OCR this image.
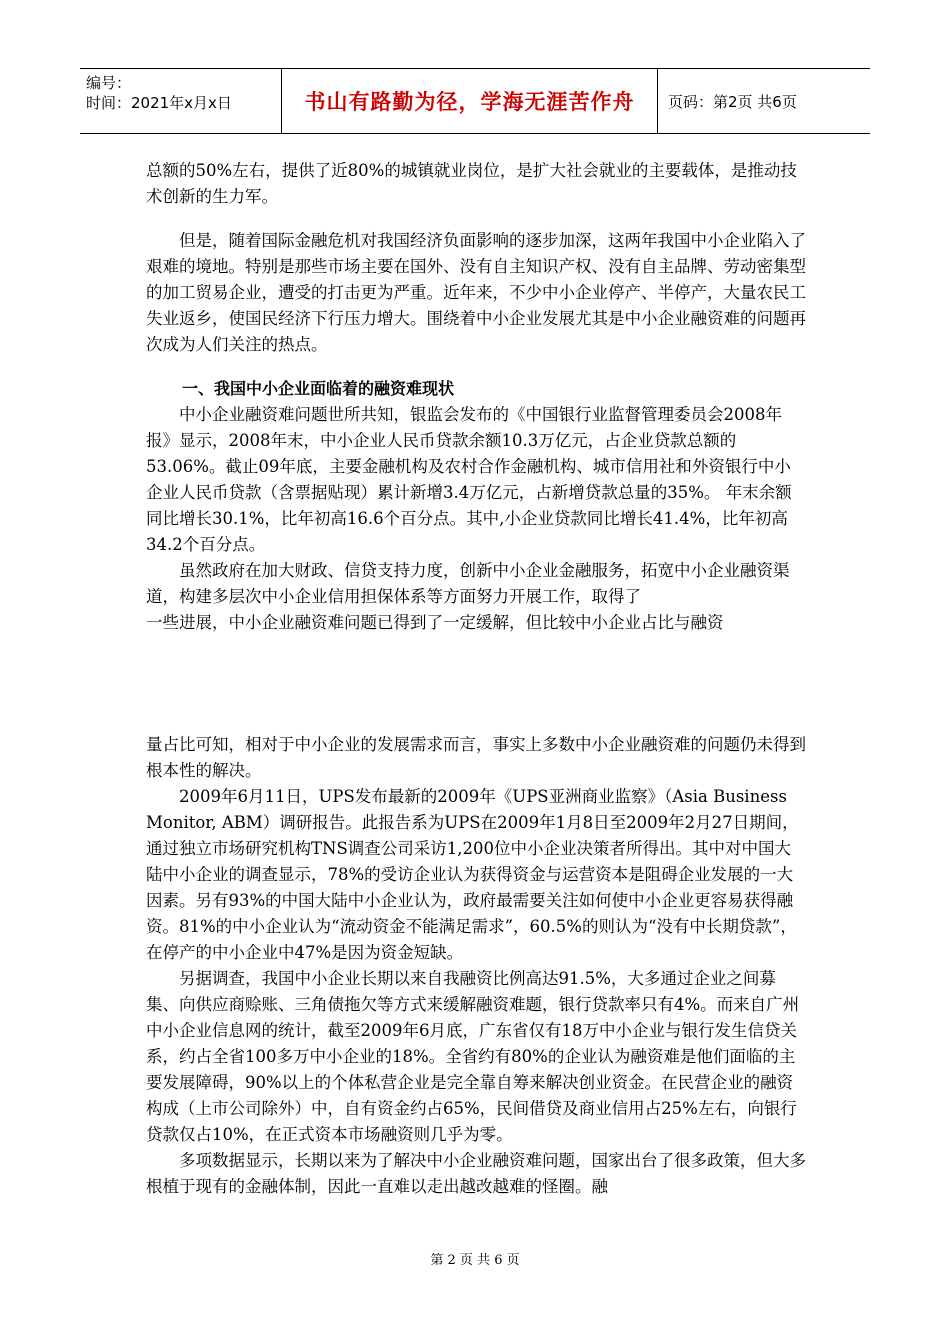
编号：
时间：2021年x月x日	书山有路勤为径，学海无涯苦作舟	页码：第2页 共6页

总额的50%左右，提供了近80%的城镇就业岗位，是扩大社会就业的主要载体，是推动技术创新的生力军。

但是，随着国际金融危机对我国经济负面影响的逐步加深，这两年我国中小企业陷入了艰难的境地。特别是那些市场主要在国外、没有自主知识产权、没有自主品牌、劳动密集型的加工贸易企业，遭受的打击更为严重。近年来，不少中小企业停产、半停产，大量农民工失业返乡，使国民经济下行压力增大。围绕着中小企业发展尤其是中小企业融资难的问题再次成为人们关注的热点。

一、我国中小企业面临着的融资难现状

中小企业融资难问题世所共知，银监会发布的《中国银行业监督管理委员会2008年报》显示，2008年末，中小企业人民币贷款余额10.3万亿元，占企业贷款总额的53.06%。截止09年底，主要金融机构及农村合作金融机构、城市信用社和外资银行中小企业人民币贷款（含票据贴现）累计新增3.4万亿元，占新增贷款总量的35%。 年末余额同比增长30.1%，比年初高16.6个百分点。其中,小企业贷款同比增长41.4%，比年初高34.2个百分点。

虽然政府在加大财政、信贷支持力度，创新中小企业金融服务，拓宽中小企业融资渠道，构建多层次中小企业信用担保体系等方面努力开展工作，取得了

一些进展，中小企业融资难问题已得到了一定缓解，但比较中小企业占比与融资

量占比可知，相对于中小企业的发展需求而言，事实上多数中小企业融资难的问题仍未得到根本性的解决。

2009年6月11日，UPS发布最新的2009年《UPS亚洲商业监察》（Asia Business Monitor, ABM）调研报告。此报告系为UPS在2009年1月8日至2009年2月27日期间，通过独立市场研究机构TNS调查公司采访1,200位中小企业决策者所得出。其中对中国大陆中小企业的调查显示，78%的受访企业认为获得资金与运营资本是阻碍企业发展的一大因素。另有93%的中国大陆中小企业认为，政府最需要关注如何使中小企业更容易获得融资。81%的中小企业认为“流动资金不能满足需求”，60.5%的则认为“没有中长期贷款”，在停产的中小企业中47%是因为资金短缺。

另据调查，我国中小企业长期以来自我融资比例高达91.5%，大多通过企业之间募集、向供应商赊账、三角债拖欠等方式来缓解融资难题，银行贷款率只有4%。而来自广州中小企业信息网的统计，截至2009年6月底，广东省仅有18万中小企业与银行发生信贷关系，约占全省100多万中小企业的18%。全省约有80%的企业认为融资难是他们面临的主要发展障碍，90%以上的个体私营企业是完全靠自筹来解决创业资金。在民营企业的融资构成（上市公司除外）中，自有资金约占65%，民间借贷及商业信用占25%左右，向银行贷款仅占10%，在正式资本市场融资则几乎为零。

多项数据显示，长期以来为了解决中小企业融资难问题，国家出台了很多政策，但大多根植于现有的金融体制，因此一直难以走出越改越难的怪圈。融

第 2 页 共 6 页
